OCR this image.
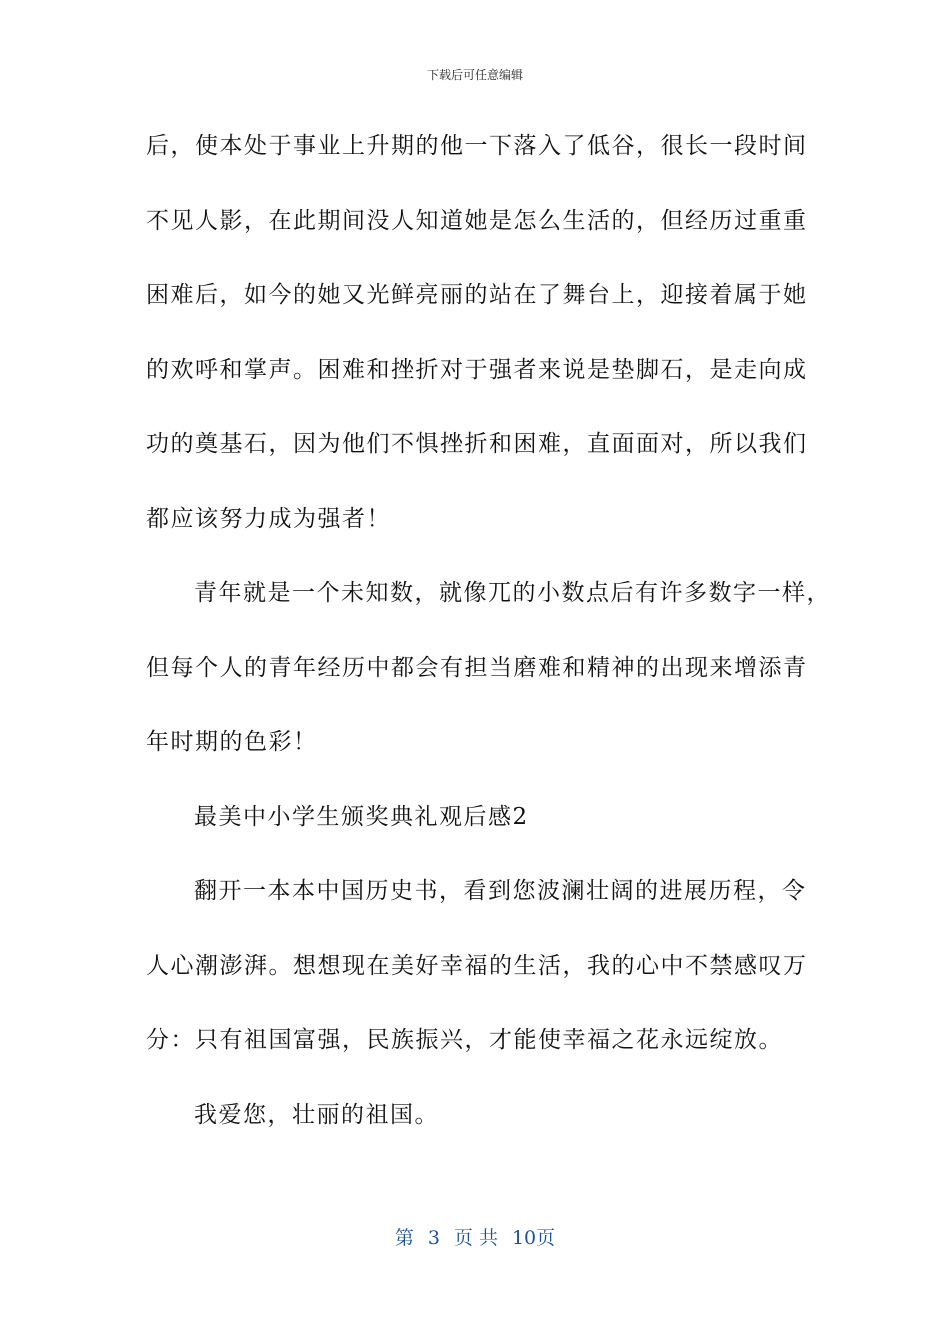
下载后可任意编辑
后，使本处于事业上升期的他一下落入了低谷，很长一段时间
不见人影，在此期间没人知道她是怎么生活的，但经历过重重
困难后，如今的她又光鲜亮丽的站在了舞台上，迎接着属于她
的欢呼和掌声。困难和挫折对于强者来说是垫脚石，是走向成
功的奠基石，因为他们不惧挫折和困难，直面面对，所以我们
都应该努力成为强者！
青年就是一个未知数，就像兀的小数点后有许多数字一样，
但每个人的青年经历中都会有担当磨难和精神的出现来增添青
年时期的色彩！
最美中小学生颁奖典礼观后感2
翻开一本本中国历史书，看到您波澜壮阔的进展历程，令
人心潮澎湃。想想现在美好幸福的生活，我的心中不禁感叹万
分：只有祖国富强，民族振兴，才能使幸福之花永远绽放。
我爱您，壮丽的祖国。
第 3 页 共 10页
